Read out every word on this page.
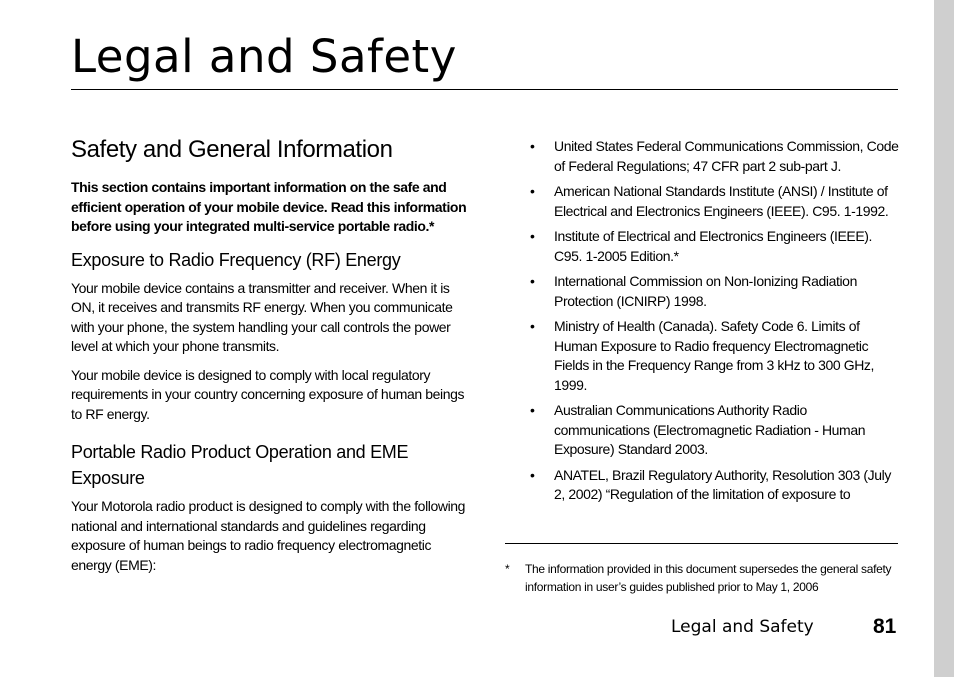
Legal and Safety
Safety and General Information

This section contains important information on the safe and efficient operation of your mobile device. Read this information before using your integrated multi-service portable radio.*

Exposure to Radio Frequency (RF) Energy

Your mobile device contains a transmitter and receiver. When it is ON, it receives and transmits RF energy. When you communicate with your phone, the system handling your call controls the power level at which your phone transmits.

Your mobile device is designed to comply with local regulatory requirements in your country concerning exposure of human beings to RF energy.

Portable Radio Product Operation and EME Exposure

Your Motorola radio product is designed to comply with the following national and international standards and guidelines regarding exposure of human beings to radio frequency electromagnetic energy (EME):

• United States Federal Communications Commission, Code of Federal Regulations; 47 CFR part 2 sub-part J.
• American National Standards Institute (ANSI) / Institute of Electrical and Electronics Engineers (IEEE). C95. 1-1992.
• Institute of Electrical and Electronics Engineers (IEEE). C95. 1-2005 Edition.*
• International Commission on Non-Ionizing Radiation Protection (ICNIRP) 1998.
• Ministry of Health (Canada). Safety Code 6. Limits of Human Exposure to Radio frequency Electromagnetic Fields in the Frequency Range from 3 kHz to 300 GHz, 1999.
• Australian Communications Authority Radio communications (Electromagnetic Radiation - Human Exposure) Standard 2003.
• ANATEL, Brazil Regulatory Authority, Resolution 303 (July 2, 2002) “Regulation of the limitation of exposure to
*	The information provided in this document supersedes the general safety information in user’s guides published prior to May 1, 2006
Legal and Safety	81
